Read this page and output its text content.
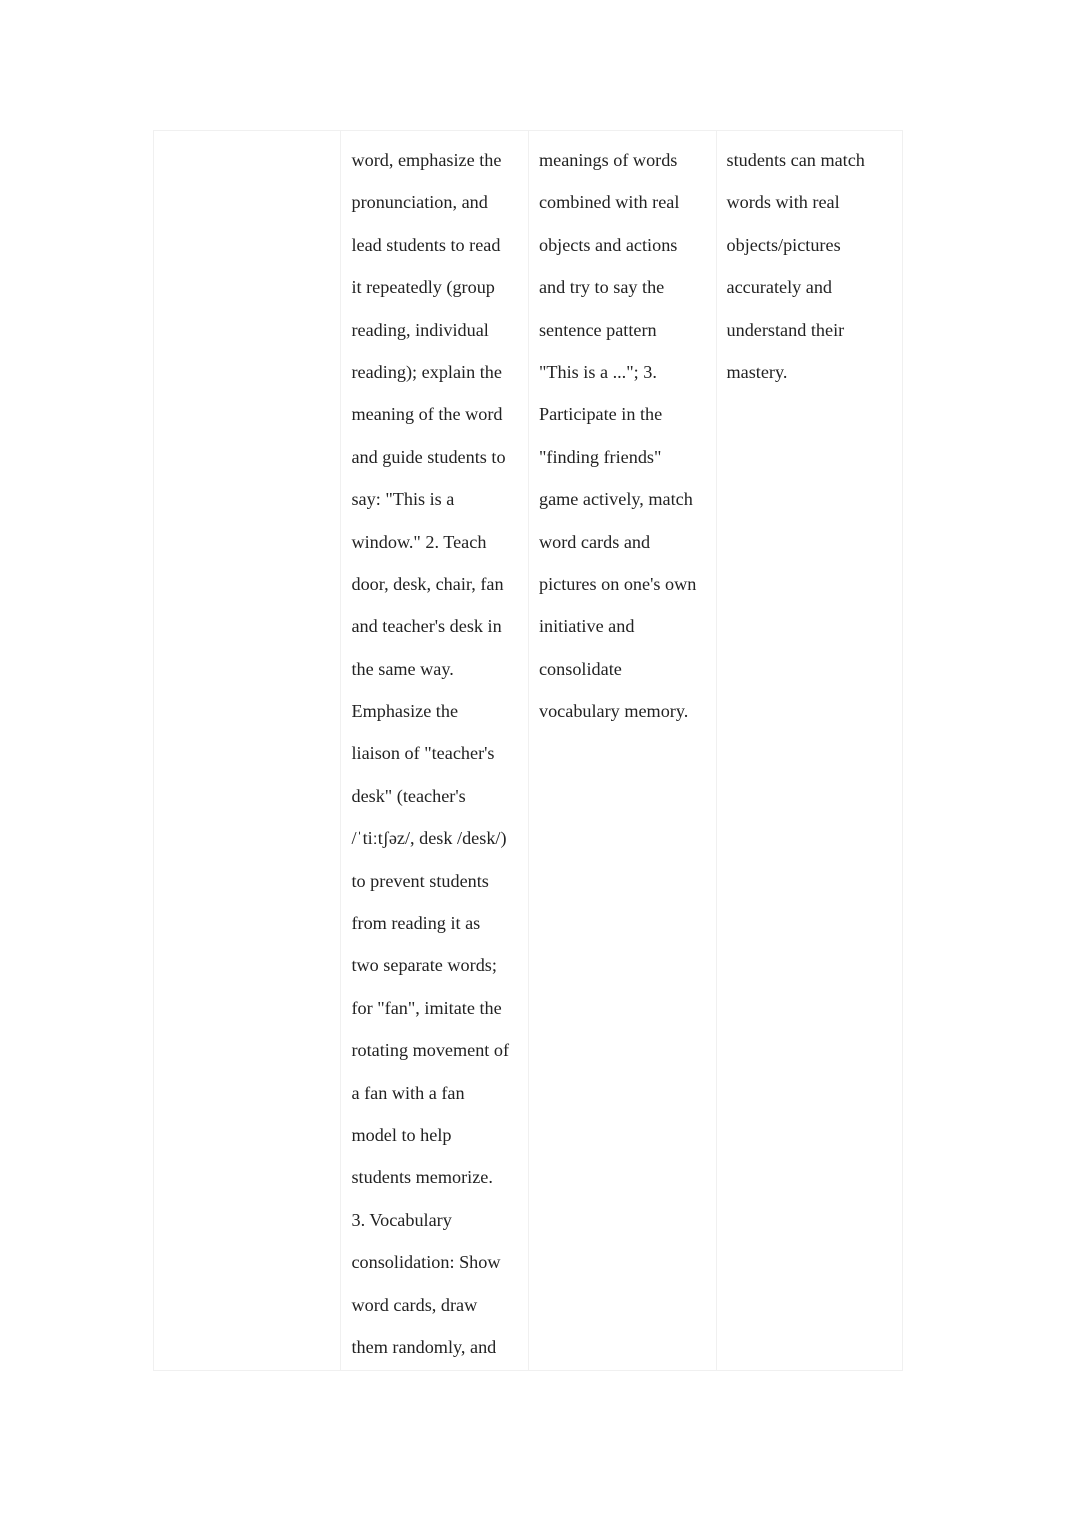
word, emphasize the
pronunciation, and
lead students to read
it repeatedly (group
reading, individual
reading); explain the
meaning of the word
and guide students to
say: "This is a
window." 2. Teach
door, desk, chair, fan
and teacher's desk in
the same way.
Emphasize the
liaison of "teacher's
desk" (teacher's
/ˈtiːtʃəz/, desk /desk/)
to prevent students
from reading it as
two separate words;
for "fan", imitate the
rotating movement of
a fan with a fan
model to help
students memorize.
3. Vocabulary
consolidation: Show
word cards, draw
them randomly, and
meanings of words
combined with real
objects and actions
and try to say the
sentence pattern
"This is a ..."; 3.
Participate in the
"finding friends"
game actively, match
word cards and
pictures on one's own
initiative and
consolidate
vocabulary memory.
students can match
words with real
objects/pictures
accurately and
understand their
mastery.
